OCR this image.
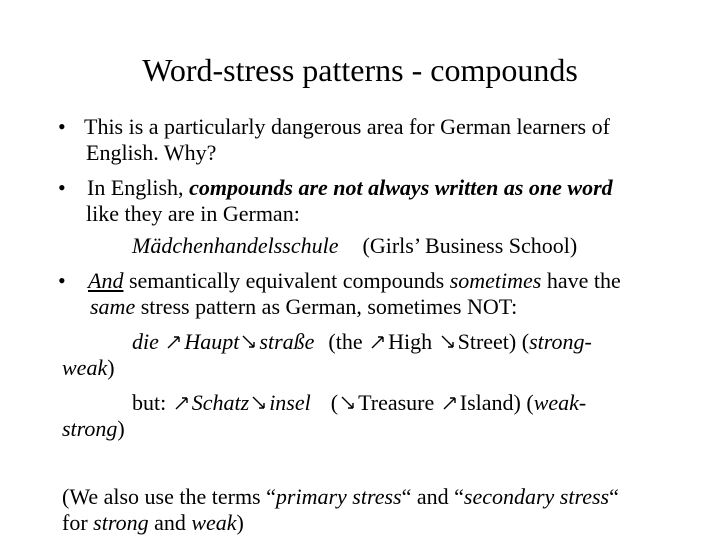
Word-stress patterns - compounds
• This is a particularly dangerous area for German learners of
English. Why?
• In English, compounds are not always written as one word
like they are in German:
Mädchenhandelsschule (Girls’ Business School)
• And semantically equivalent compounds sometimes have the
same stress pattern as German, sometimes NOT:
die
Haupt straße (the
High
Street) (strong-
weak)
but:
Schatz insel ( Treasure
Island) (weak-
strong)
(We also use the terms “primary stress“ and “secondary stress“
for strong and weak)
